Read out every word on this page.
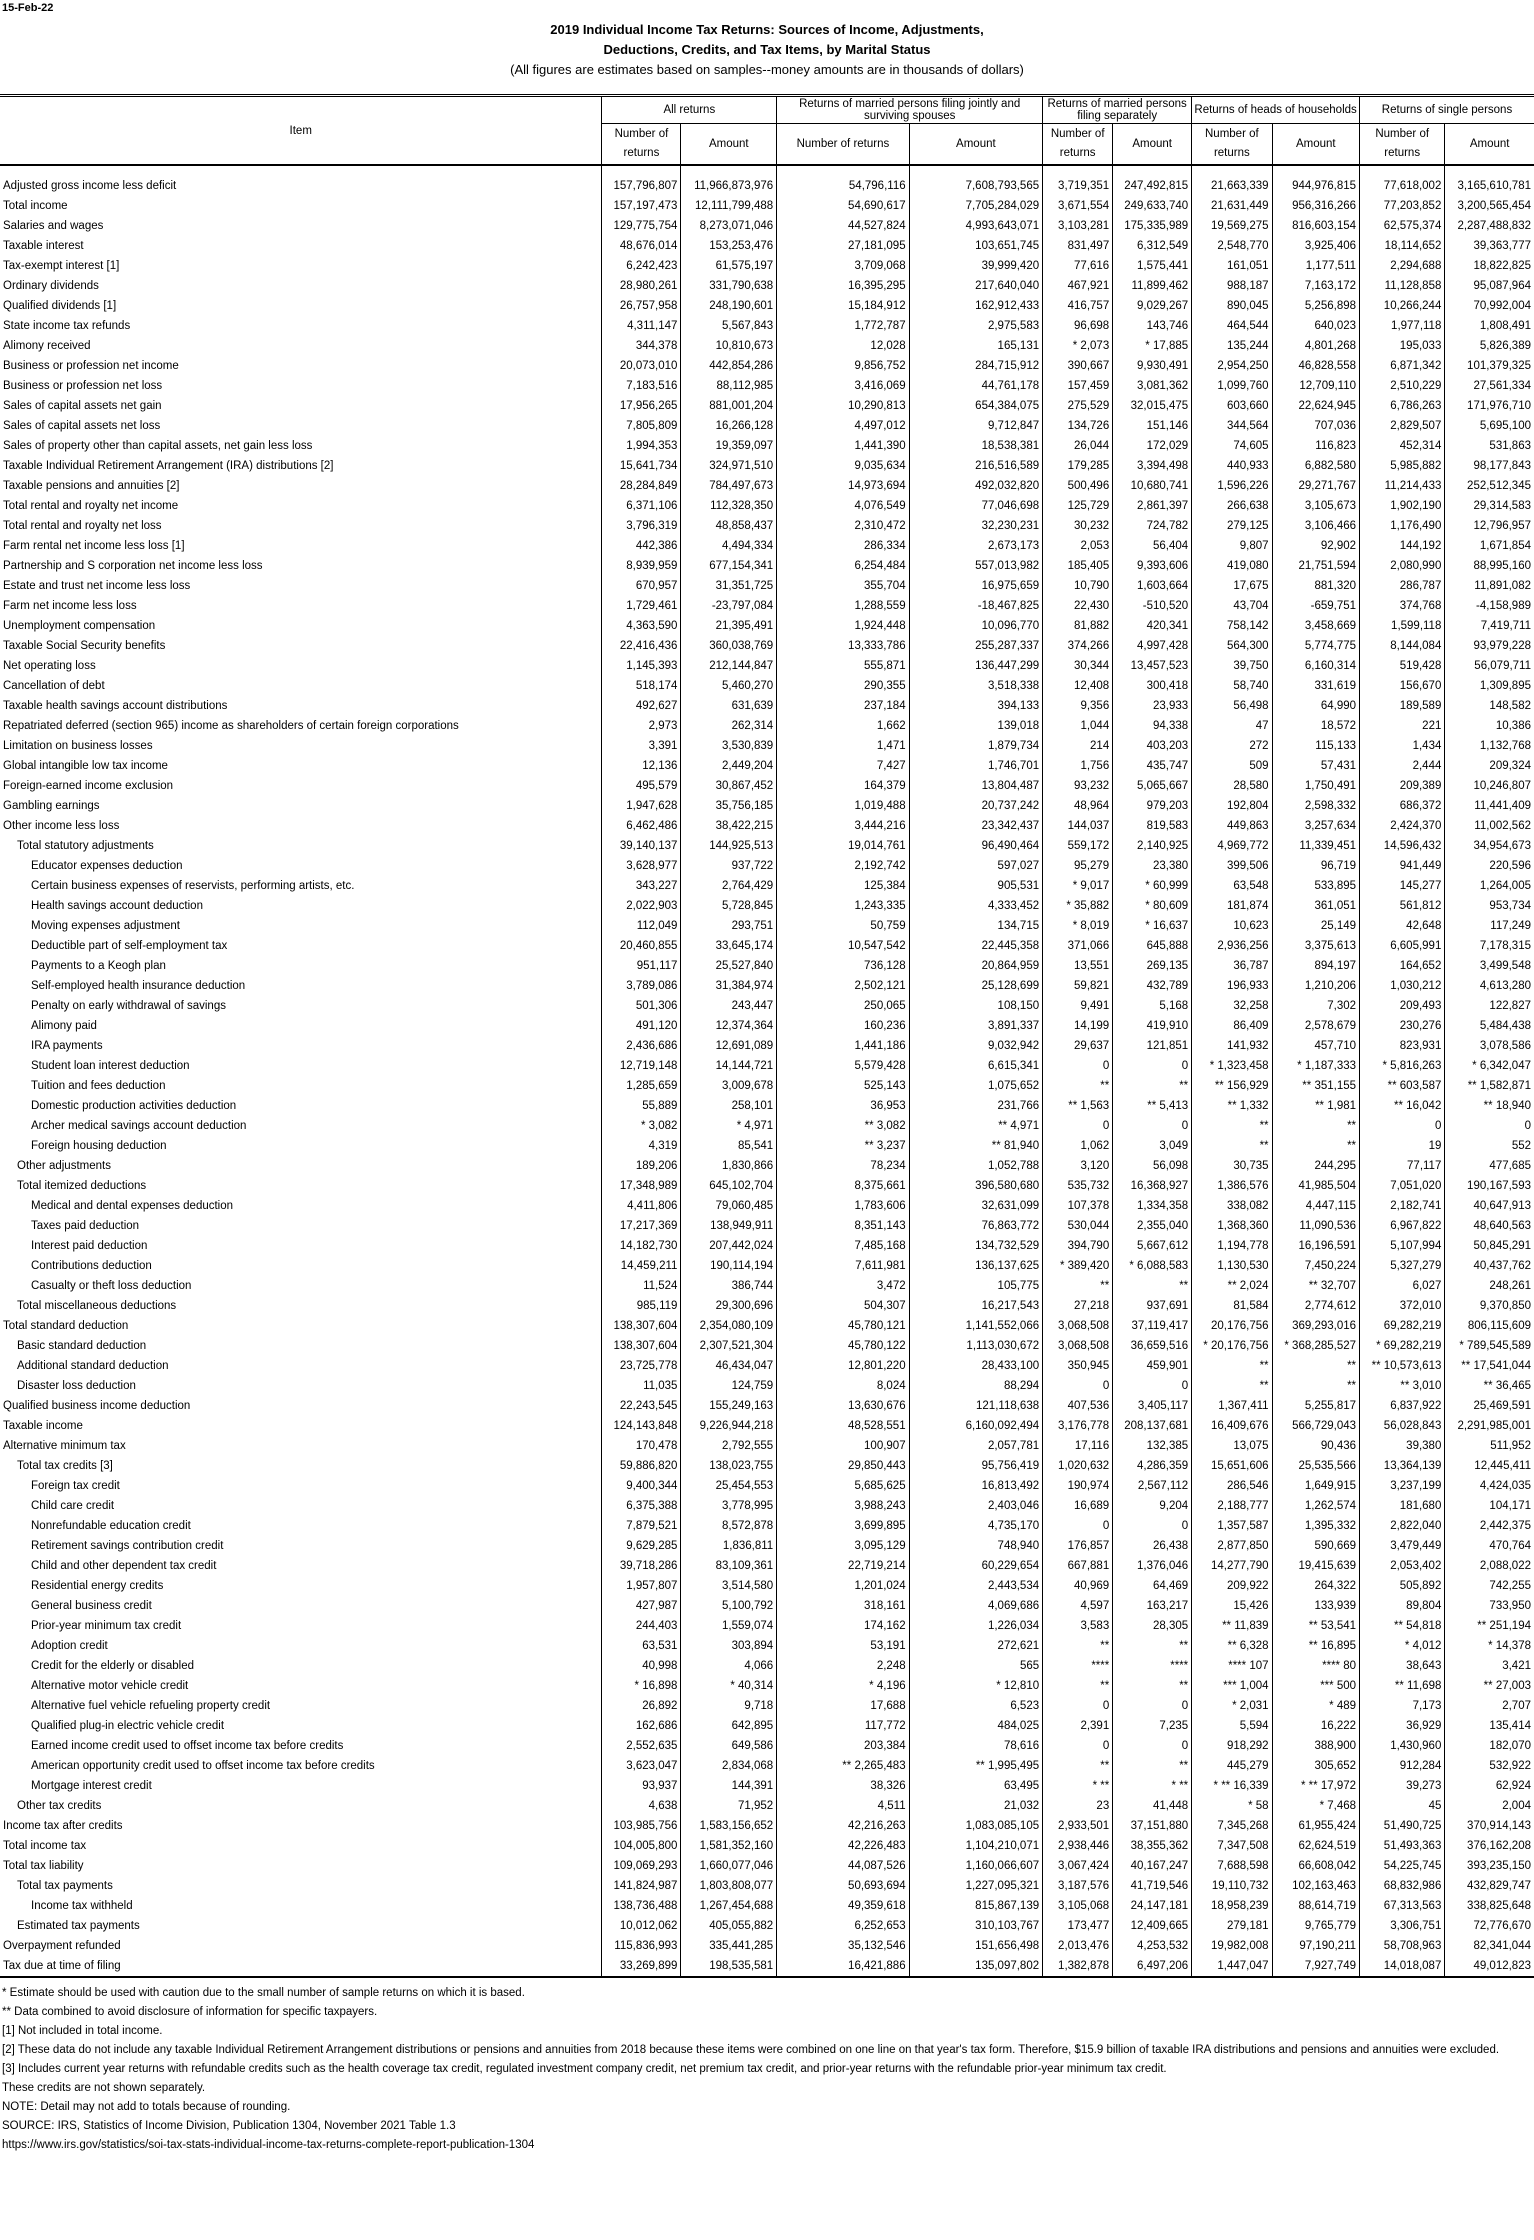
15-Feb-22
2019 Individual Income Tax Returns: Sources of Income, Adjustments,
Deductions, Credits, and Tax Items, by Marital Status
(All figures are estimates based on samples--money amounts are in thousands of dollars)
Item	All returns		Returns of married persons filing jointly and surviving spouses		Returns of married persons filing separately		Returns of heads of households		Returns of single persons	
	Number of returns	Amount	Number of returns	Amount	Number of returns	Amount	Number of returns	Amount	Number of returns	Amount

Adjusted gross income less deficit	157,796,807	11,966,873,976	54,796,116	7,608,793,565	3,719,351	247,492,815	21,663,339	944,976,815	77,618,002	3,165,610,781
Total income	157,197,473	12,111,799,488	54,690,617	7,705,284,029	3,671,554	249,633,740	21,631,449	956,316,266	77,203,852	3,200,565,454
Salaries and wages	129,775,754	8,273,071,046	44,527,824	4,993,643,071	3,103,281	175,335,989	19,569,275	816,603,154	62,575,374	2,287,488,832
Taxable interest	48,676,014	153,253,476	27,181,095	103,651,745	831,497	6,312,549	2,548,770	3,925,406	18,114,652	39,363,777
Tax-exempt interest [1]	6,242,423	61,575,197	3,709,068	39,999,420	77,616	1,575,441	161,051	1,177,511	2,294,688	18,822,825
Ordinary dividends	28,980,261	331,790,638	16,395,295	217,640,040	467,921	11,899,462	988,187	7,163,172	11,128,858	95,087,964
Qualified dividends [1]	26,757,958	248,190,601	15,184,912	162,912,433	416,757	9,029,267	890,045	5,256,898	10,266,244	70,992,004
State income tax refunds	4,311,147	5,567,843	1,772,787	2,975,583	96,698	143,746	464,544	640,023	1,977,118	1,808,491
Alimony received	344,378	10,810,673	12,028	165,131	* 2,073	* 17,885	135,244	4,801,268	195,033	5,826,389
Business or profession net income	20,073,010	442,854,286	9,856,752	284,715,912	390,667	9,930,491	2,954,250	46,828,558	6,871,342	101,379,325
Business or profession net loss	7,183,516	88,112,985	3,416,069	44,761,178	157,459	3,081,362	1,099,760	12,709,110	2,510,229	27,561,334
Sales of capital assets net gain	17,956,265	881,001,204	10,290,813	654,384,075	275,529	32,015,475	603,660	22,624,945	6,786,263	171,976,710
Sales of capital assets net loss	7,805,809	16,266,128	4,497,012	9,712,847	134,726	151,146	344,564	707,036	2,829,507	5,695,100
Sales of property other than capital assets, net gain less loss	1,994,353	19,359,097	1,441,390	18,538,381	26,044	172,029	74,605	116,823	452,314	531,863
Taxable Individual Retirement Arrangement (IRA) distributions [2]	15,641,734	324,971,510	9,035,634	216,516,589	179,285	3,394,498	440,933	6,882,580	5,985,882	98,177,843
Taxable pensions and annuities [2]	28,284,849	784,497,673	14,973,694	492,032,820	500,496	10,680,741	1,596,226	29,271,767	11,214,433	252,512,345
Total rental and royalty net income	6,371,106	112,328,350	4,076,549	77,046,698	125,729	2,861,397	266,638	3,105,673	1,902,190	29,314,583
Total rental and royalty net loss	3,796,319	48,858,437	2,310,472	32,230,231	30,232	724,782	279,125	3,106,466	1,176,490	12,796,957
Farm rental net income less loss [1]	442,386	4,494,334	286,334	2,673,173	2,053	56,404	9,807	92,902	144,192	1,671,854
Partnership and S corporation net income less loss	8,939,959	677,154,341	6,254,484	557,013,982	185,405	9,393,606	419,080	21,751,594	2,080,990	88,995,160
Estate and trust net income less loss	670,957	31,351,725	355,704	16,975,659	10,790	1,603,664	17,675	881,320	286,787	11,891,082
Farm net income less loss	1,729,461	-23,797,084	1,288,559	-18,467,825	22,430	-510,520	43,704	-659,751	374,768	-4,158,989
Unemployment compensation	4,363,590	21,395,491	1,924,448	10,096,770	81,882	420,341	758,142	3,458,669	1,599,118	7,419,711
Taxable Social Security benefits	22,416,436	360,038,769	13,333,786	255,287,337	374,266	4,997,428	564,300	5,774,775	8,144,084	93,979,228
Net operating loss	1,145,393	212,144,847	555,871	136,447,299	30,344	13,457,523	39,750	6,160,314	519,428	56,079,711
Cancellation of debt	518,174	5,460,270	290,355	3,518,338	12,408	300,418	58,740	331,619	156,670	1,309,895
Taxable health savings account distributions	492,627	631,639	237,184	394,133	9,356	23,933	56,498	64,990	189,589	148,582
Repatriated deferred (section 965) income as shareholders of certain foreign corporations	2,973	262,314	1,662	139,018	1,044	94,338	47	18,572	221	10,386
Limitation on business losses	3,391	3,530,839	1,471	1,879,734	214	403,203	272	115,133	1,434	1,132,768
Global intangible low tax income	12,136	2,449,204	7,427	1,746,701	1,756	435,747	509	57,431	2,444	209,324
Foreign-earned income exclusion	495,579	30,867,452	164,379	13,804,487	93,232	5,065,667	28,580	1,750,491	209,389	10,246,807
Gambling earnings	1,947,628	35,756,185	1,019,488	20,737,242	48,964	979,203	192,804	2,598,332	686,372	11,441,409
Other income less loss	6,462,486	38,422,215	3,444,216	23,342,437	144,037	819,583	449,863	3,257,634	2,424,370	11,002,562
Total statutory adjustments	39,140,137	144,925,513	19,014,761	96,490,464	559,172	2,140,925	4,969,772	11,339,451	14,596,432	34,954,673
Educator expenses deduction	3,628,977	937,722	2,192,742	597,027	95,279	23,380	399,506	96,719	941,449	220,596
Certain business expenses of reservists, performing artists, etc.	343,227	2,764,429	125,384	905,531	* 9,017	* 60,999	63,548	533,895	145,277	1,264,005
Health savings account deduction	2,022,903	5,728,845	1,243,335	4,333,452	* 35,882	* 80,609	181,874	361,051	561,812	953,734
Moving expenses adjustment	112,049	293,751	50,759	134,715	* 8,019	* 16,637	10,623	25,149	42,648	117,249
Deductible part of self-employment tax	20,460,855	33,645,174	10,547,542	22,445,358	371,066	645,888	2,936,256	3,375,613	6,605,991	7,178,315
Payments to a Keogh plan	951,117	25,527,840	736,128	20,864,959	13,551	269,135	36,787	894,197	164,652	3,499,548
Self-employed health insurance deduction	3,789,086	31,384,974	2,502,121	25,128,699	59,821	432,789	196,933	1,210,206	1,030,212	4,613,280
Penalty on early withdrawal of savings	501,306	243,447	250,065	108,150	9,491	5,168	32,258	7,302	209,493	122,827
Alimony paid	491,120	12,374,364	160,236	3,891,337	14,199	419,910	86,409	2,578,679	230,276	5,484,438
IRA payments	2,436,686	12,691,089	1,441,186	9,032,942	29,637	121,851	141,932	457,710	823,931	3,078,586
Student loan interest deduction	12,719,148	14,144,721	5,579,428	6,615,341	0	0	* 1,323,458	* 1,187,333	* 5,816,263	* 6,342,047
Tuition and fees deduction	1,285,659	3,009,678	525,143	1,075,652	**	**	** 156,929	** 351,155	** 603,587	** 1,582,871
Domestic production activities deduction	55,889	258,101	36,953	231,766	** 1,563	** 5,413	** 1,332	** 1,981	** 16,042	** 18,940
Archer medical savings account deduction	* 3,082	* 4,971	** 3,082	** 4,971	0	0	**	**	0	0
Foreign housing deduction	4,319	85,541	** 3,237	** 81,940	1,062	3,049	**	**	19	552
Other adjustments	189,206	1,830,866	78,234	1,052,788	3,120	56,098	30,735	244,295	77,117	477,685
Total itemized deductions	17,348,989	645,102,704	8,375,661	396,580,680	535,732	16,368,927	1,386,576	41,985,504	7,051,020	190,167,593
Medical and dental expenses deduction	4,411,806	79,060,485	1,783,606	32,631,099	107,378	1,334,358	338,082	4,447,115	2,182,741	40,647,913
Taxes paid deduction	17,217,369	138,949,911	8,351,143	76,863,772	530,044	2,355,040	1,368,360	11,090,536	6,967,822	48,640,563
Interest paid deduction	14,182,730	207,442,024	7,485,168	134,732,529	394,790	5,667,612	1,194,778	16,196,591	5,107,994	50,845,291
Contributions deduction	14,459,211	190,114,194	7,611,981	136,137,625	* 389,420	* 6,088,583	1,130,530	7,450,224	5,327,279	40,437,762
Casualty or theft loss deduction	11,524	386,744	3,472	105,775	**	**	** 2,024	** 32,707	6,027	248,261
Total miscellaneous deductions	985,119	29,300,696	504,307	16,217,543	27,218	937,691	81,584	2,774,612	372,010	9,370,850
Total standard deduction	138,307,604	2,354,080,109	45,780,121	1,141,552,066	3,068,508	37,119,417	20,176,756	369,293,016	69,282,219	806,115,609
Basic standard deduction	138,307,604	2,307,521,304	45,780,122	1,113,030,672	3,068,508	36,659,516	* 20,176,756	* 368,285,527	* 69,282,219	* 789,545,589
Additional standard deduction	23,725,778	46,434,047	12,801,220	28,433,100	350,945	459,901	**	**	** 10,573,613	** 17,541,044
Disaster loss deduction	11,035	124,759	8,024	88,294	0	0	**	**	** 3,010	** 36,465
Qualified business income deduction	22,243,545	155,249,163	13,630,676	121,118,638	407,536	3,405,117	1,367,411	5,255,817	6,837,922	25,469,591
Taxable income	124,143,848	9,226,944,218	48,528,551	6,160,092,494	3,176,778	208,137,681	16,409,676	566,729,043	56,028,843	2,291,985,001
Alternative minimum tax	170,478	2,792,555	100,907	2,057,781	17,116	132,385	13,075	90,436	39,380	511,952
Total tax credits [3]	59,886,820	138,023,755	29,850,443	95,756,419	1,020,632	4,286,359	15,651,606	25,535,566	13,364,139	12,445,411
Foreign tax credit	9,400,344	25,454,553	5,685,625	16,813,492	190,974	2,567,112	286,546	1,649,915	3,237,199	4,424,035
Child care credit	6,375,388	3,778,995	3,988,243	2,403,046	16,689	9,204	2,188,777	1,262,574	181,680	104,171
Nonrefundable education credit	7,879,521	8,572,878	3,699,895	4,735,170	0	0	1,357,587	1,395,332	2,822,040	2,442,375
Retirement savings contribution credit	9,629,285	1,836,811	3,095,129	748,940	176,857	26,438	2,877,850	590,669	3,479,449	470,764
Child and other dependent tax credit	39,718,286	83,109,361	22,719,214	60,229,654	667,881	1,376,046	14,277,790	19,415,639	2,053,402	2,088,022
Residential energy credits	1,957,807	3,514,580	1,201,024	2,443,534	40,969	64,469	209,922	264,322	505,892	742,255
General business credit	427,987	5,100,792	318,161	4,069,686	4,597	163,217	15,426	133,939	89,804	733,950
Prior-year minimum tax credit	244,403	1,559,074	174,162	1,226,034	3,583	28,305	** 11,839	** 53,541	** 54,818	** 251,194
Adoption credit	63,531	303,894	53,191	272,621	**	**	** 6,328	** 16,895	* 4,012	* 14,378
Credit for the elderly or disabled	40,998	4,066	2,248	565	****	****	**** 107	**** 80	38,643	3,421
Alternative motor vehicle credit	* 16,898	* 40,314	* 4,196	* 12,810	**	**	*** 1,004	*** 500	** 11,698	** 27,003
Alternative fuel vehicle refueling property credit	26,892	9,718	17,688	6,523	0	0	* 2,031	* 489	7,173	2,707
Qualified plug-in electric vehicle credit	162,686	642,895	117,772	484,025	2,391	7,235	5,594	16,222	36,929	135,414
Earned income credit used to offset income tax before credits	2,552,635	649,586	203,384	78,616	0	0	918,292	388,900	1,430,960	182,070
American opportunity credit used to offset income tax before credits	3,623,047	2,834,068	** 2,265,483	** 1,995,495	**	**	445,279	305,652	912,284	532,922
Mortgage interest credit	93,937	144,391	38,326	63,495	* **	* **	* ** 16,339	* ** 17,972	39,273	62,924
Other tax credits	4,638	71,952	4,511	21,032	23	41,448	* 58	* 7,468	45	2,004
Income tax after credits	103,985,756	1,583,156,652	42,216,263	1,083,085,105	2,933,501	37,151,880	7,345,268	61,955,424	51,490,725	370,914,143
Total income tax	104,005,800	1,581,352,160	42,226,483	1,104,210,071	2,938,446	38,355,362	7,347,508	62,624,519	51,493,363	376,162,208
Total tax liability	109,069,293	1,660,077,046	44,087,526	1,160,066,607	3,067,424	40,167,247	7,688,598	66,608,042	54,225,745	393,235,150
Total tax payments	141,824,987	1,803,808,077	50,693,694	1,227,095,321	3,187,576	41,719,546	19,110,732	102,163,463	68,832,986	432,829,747
Income tax withheld	138,736,488	1,267,454,688	49,359,618	815,867,139	3,105,068	24,147,181	18,958,239	88,614,719	67,313,563	338,825,648
Estimated tax payments	10,012,062	405,055,882	6,252,653	310,103,767	173,477	12,409,665	279,181	9,765,779	3,306,751	72,776,670
Overpayment refunded	115,836,993	335,441,285	35,132,546	151,656,498	2,013,476	4,253,532	19,982,008	97,190,211	58,708,963	82,341,044
Tax due at time of filing	33,269,899	198,535,581	16,421,886	135,097,802	1,382,878	6,497,206	1,447,047	7,927,749	14,018,087	49,012,823
* Estimate should be used with caution due to the small number of sample returns on which it is based.
** Data combined to avoid disclosure of information for specific taxpayers.
[1] Not included in total income.
[2] These data do not include any taxable Individual Retirement Arrangement distributions or pensions and annuities from 2018 because these items were combined on one line on that year's tax form. Therefore, $15.9 billion of taxable IRA distributions and pensions and annuities were excluded.
[3] Includes current year returns with refundable credits such as the health coverage tax credit, regulated investment company credit, net premium tax credit, and prior-year returns with the refundable prior-year minimum tax credit.
These credits are not shown separately.
NOTE: Detail may not add to totals because of rounding.
SOURCE: IRS, Statistics of Income Division, Publication 1304, November 2021 Table 1.3
https://www.irs.gov/statistics/soi-tax-stats-individual-income-tax-returns-complete-report-publication-1304
